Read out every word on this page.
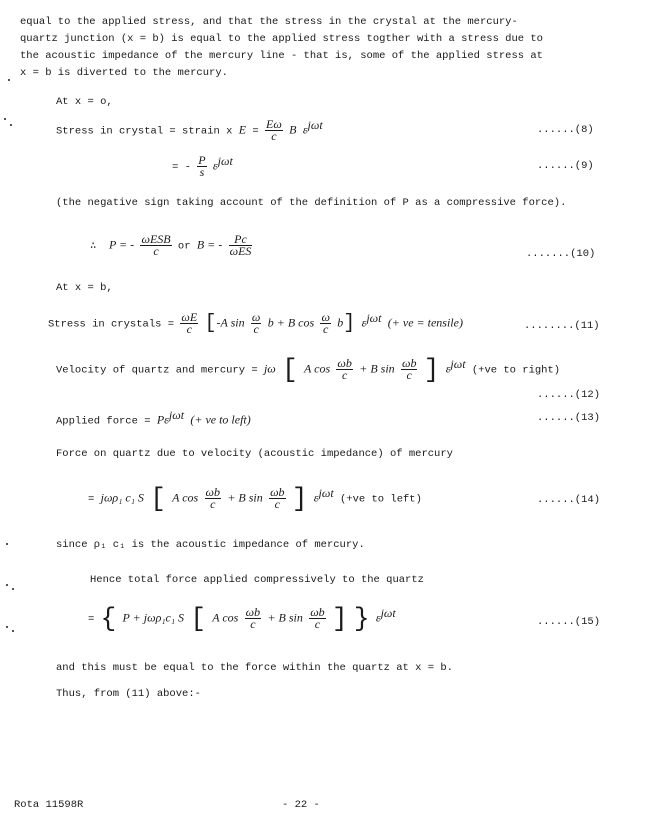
equal to the applied stress, and that the stress in the crystal at the mercury-
quartz junction (x = b) is equal to the applied stress togther with a stress due to
the acoustic impedance of the mercury line - that is, some of the applied stress at
x = b is diverted to the mercury.
At x = o,
Stress in crystal = strain x $E = \frac{E\omega}{c}$ B $\varepsilon^{j\omega t}$	......(8)
= - $\frac{P}{s} \varepsilon^{j\omega t}$	......(9)
(the negative sign taking account of the definition of P as a compressive force).
∴ P = - $\frac{\text{ωESB}}{c}$ or B = - $\frac{Pc}{\text{ωES}}$	.......(10)
At x = b,
Stress in crystals = $\frac{\omega E}{c} [-A$ $\sin \frac{\omega}{c}$ b + B $\cos \frac{\omega}{c} b$] $\varepsilon^{j\omega t}$ (+ ve = tensile)	........(11)
Velocity of quartz and mercury = jω [ A $\cos \frac{\omega b}{c} + B$ $\sin \frac{\omega b}{c}$ ] $\varepsilon^{j\omega t}$ (+ve to right)
......(12)
Applied force = $P\varepsilon^{j\omega t}$ (+ ve to left)	......(13)
Force on quartz due to velocity (acoustic impedance) of mercury
= jωρ₁ c₁ S [ A $\cos \frac{\omega b}{c} + B$ $\sin \frac{\omega b}{c}$ ] $\varepsilon^{j\omega t}$ (+ve to left)	......(14)
since ρ₁ c₁ is the acoustic impedance of mercury.
Hence total force applied compressively to the quartz
= { P + jωρ₁c₁ S [ A $\cos \frac{\omega b}{c} + B$ $\sin \frac{\omega b}{c}$ ] } $\varepsilon^{j\omega t}$
......(15)
and this must be equal to the force within the quartz at x = b.
Thus, from (11) above:-
Rota 11598R	- 22 -
